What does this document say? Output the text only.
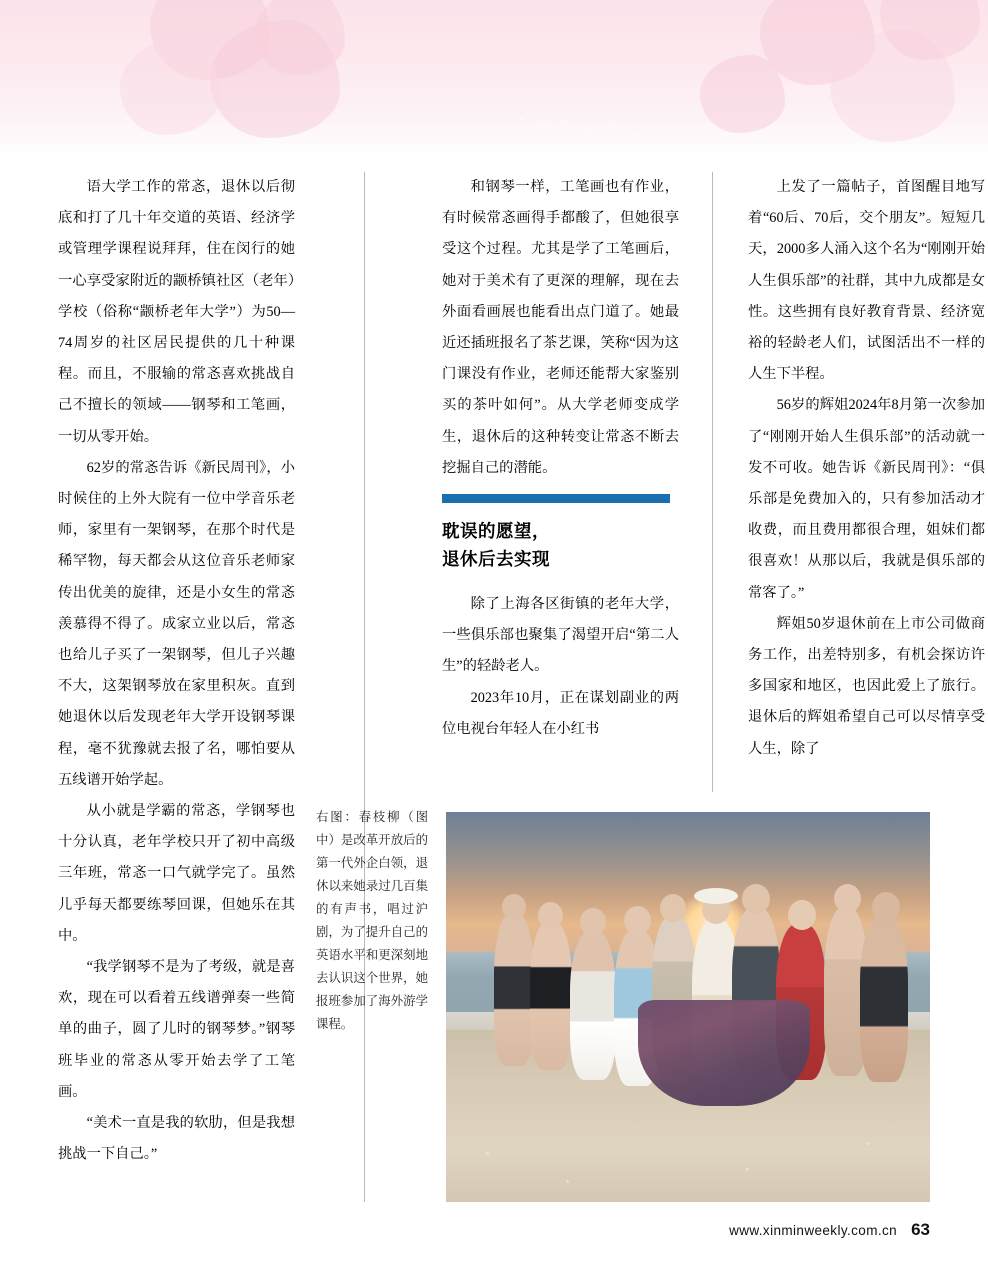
语大学工作的常忞，退休以后彻底和打了几十年交道的英语、经济学或管理学课程说拜拜，住在闵行的她一心享受家附近的颛桥镇社区（老年）学校（俗称“颛桥老年大学”）为50—74周岁的社区居民提供的几十种课程。而且，不服输的常忞喜欢挑战自己不擅长的领域——钢琴和工笔画，一切从零开始。

62岁的常忞告诉《新民周刊》，小时候住的上外大院有一位中学音乐老师，家里有一架钢琴，在那个时代是稀罕物，每天都会从这位音乐老师家传出优美的旋律，还是小女生的常忞羡慕得不得了。成家立业以后，常忞也给儿子买了一架钢琴，但儿子兴趣不大，这架钢琴放在家里积灰。直到她退休以后发现老年大学开设钢琴课程，毫不犹豫就去报了名，哪怕要从五线谱开始学起。

从小就是学霸的常忞，学钢琴也十分认真，老年学校只开了初中高级三年班，常忞一口气就学完了。虽然儿乎每天都要练琴回课，但她乐在其中。

“我学钢琴不是为了考级，就是喜欢，现在可以看着五线谱弹奏一些简单的曲子，圆了儿时的钢琴梦。”钢琴班毕业的常忞从零开始去学了工笔画。

“美术一直是我的软肋，但是我想挑战一下自己。”

和钢琴一样，工笔画也有作业，有时候常忞画得手都酸了，但她很享受这个过程。尤其是学了工笔画后，她对于美术有了更深的理解，现在去外面看画展也能看出点门道了。她最近还插班报名了茶艺课，笑称“因为这门课没有作业，老师还能帮大家鉴别买的茶叶如何”。从大学老师变成学生，退休后的这种转变让常忞不断去挖掘自己的潜能。

耽误的愿望，
退休后去实现

除了上海各区街镇的老年大学，一些俱乐部也聚集了渴望开启“第二人生”的轻龄老人。

2023年10月，正在谋划副业的两位电视台年轻人在小红书

上发了一篇帖子，首图醒目地写着“60后、70后，交个朋友”。短短几天，2000多人涌入这个名为“刚刚开始人生俱乐部”的社群，其中九成都是女性。这些拥有良好教育背景、经济宽裕的轻龄老人们，试图活出不一样的人生下半程。

56岁的辉姐2024年8月第一次参加了“刚刚开始人生俱乐部”的活动就一发不可收。她告诉《新民周刊》：“俱乐部是免费加入的，只有参加活动才收费，而且费用都很合理，姐妹们都很喜欢！从那以后，我就是俱乐部的常客了。”

辉姐50岁退休前在上市公司做商务工作，出差特别多，有机会探访许多国家和地区，也因此爱上了旅行。退休后的辉姐希望自己可以尽情享受人生，除了

右图：春枝柳（图中）是改革开放后的第一代外企白领，退休以来她录过几百集的有声书，唱过沪剧，为了提升自己的英语水平和更深刻地去认识这个世界，她报班参加了海外游学课程。
www.xinminweekly.com.cn 63
